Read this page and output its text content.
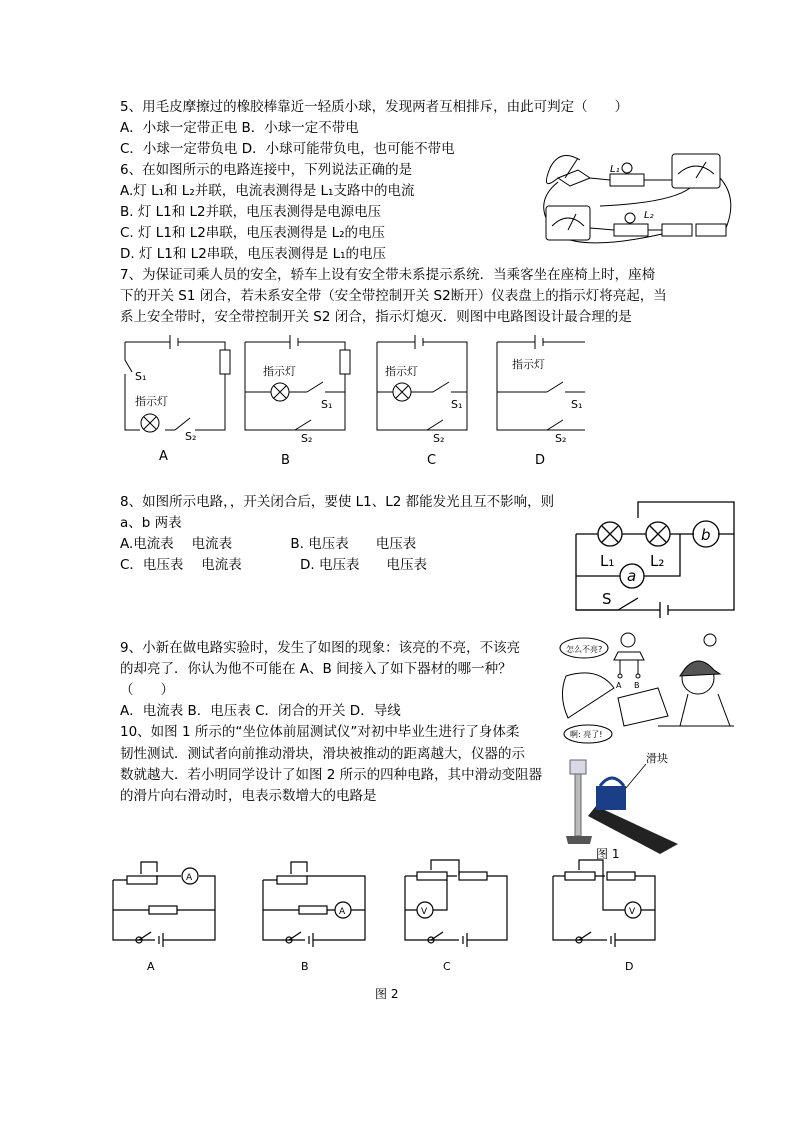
5、用毛皮摩擦过的橡胶棒靠近一轻质小球，发现两者互相排斥，由此可判定（　　）
A．小球一定带正电 B．小球一定不带电
C．小球一定带负电 D．小球可能带负电，也可能不带电
6、在如图所示的电路连接中，下列说法正确的是
A.灯 L₁和 L₂并联，电流表测得是 L₁支路中的电流
B. 灯 L1和 L2并联，电压表测得是电源电压
C. 灯 L1和 L2串联，电压表测得是 L₂的电压
D. 灯 L1和 L2串联，电压表测得是 L₁的电压
L₁
L₂
7、为保证司乘人员的安全，轿车上设有安全带未系提示系统．当乘客坐在座椅上时，座椅
下的开关 S1 闭合，若未系安全带（安全带控制开关 S2断开）仪表盘上的指示灯将亮起，当
系上安全带时，安全带控制开关 S2 闭合，指示灯熄灭．则图中电路图设计最合理的是
S₁
指示灯
S₂
A
指示灯
S₁
S₂
B
指示灯
S₁
S₂
C
指示灯
S₁
S₂
D
8、如图所示电路，，开关闭合后，要使 L1、L2 都能发光且互不影响，则
a、b 两表
A.电流表　 电流表　　　　 B. 电压表　　电压表
C．电压表　 电流表　　　　 D. 电压表　　电压表
b
a
L₁ L₂
S
9、小新在做电路实验时，发生了如图的现象：该亮的不亮，不该亮
的却亮了．你认为他不可能在 A、B 间接入了如下器材的哪一种？
（　　）
A．电流表 B．电压表 C．闭合的开关 D．导线
怎么不亮?
啊: 亮了!
A B
10、如图 1 所示的“坐位体前屈测试仪”对初中毕业生进行了身体柔
韧性测试．测试者向前推动滑块，滑块被推动的距离越大，仪器的示
数就越大．若小明同学设计了如图 2 所示的四种电路，其中滑动变阻器
的滑片向右滑动时，电表示数增大的电路是
滑块
图 1
A
A	V	V
A	B	C	D
图 2
